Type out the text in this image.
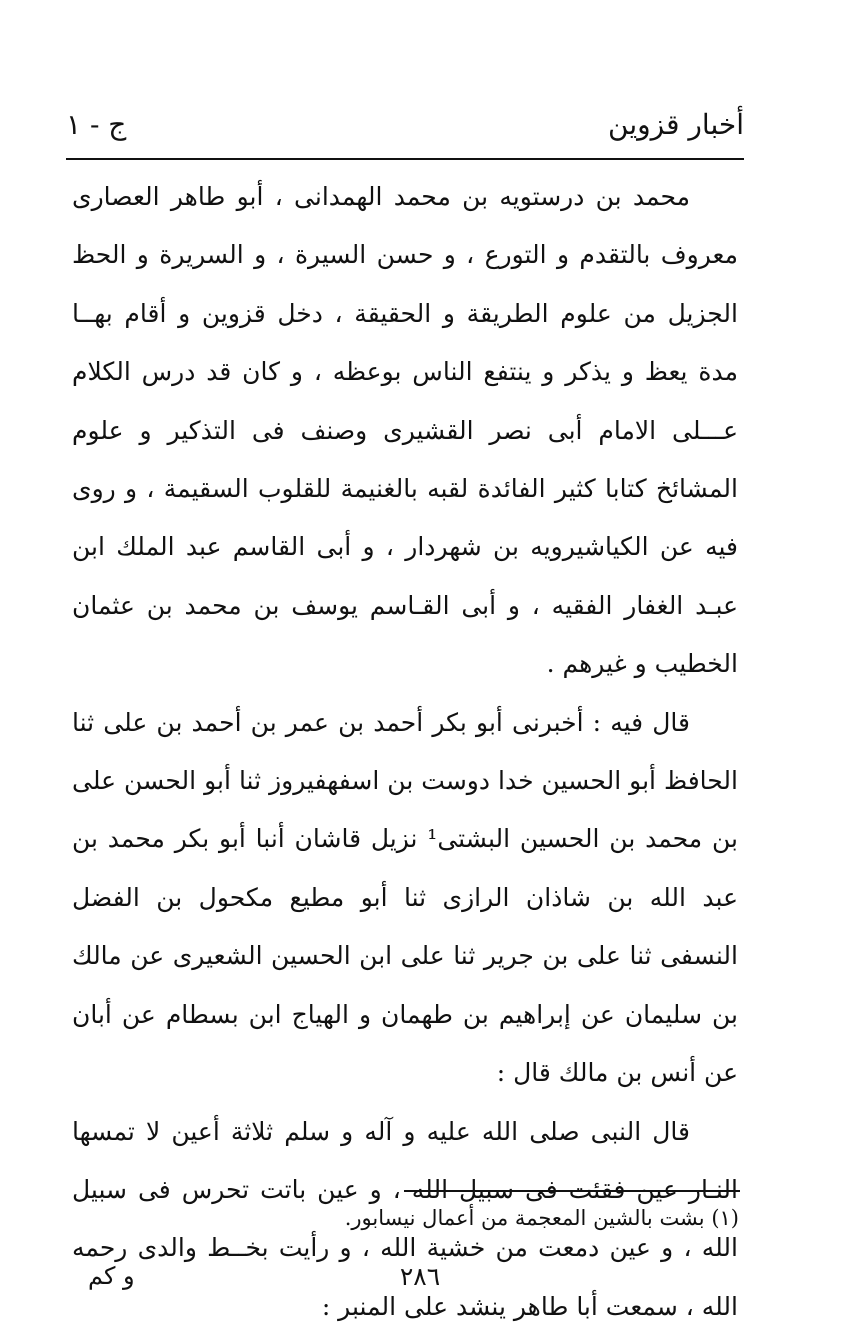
أخبار قزوين
ج - ١

محمد بن درستويه بن محمد الهمدانى ، أبو طاهر العصارى معروف بالتقدم و التورع ، و حسن السيرة ، و السريرة و الحظ الجزيل من علوم الطريقة و الحقيقة ، دخل قزوين و أقام بهــا مدة يعظ و يذكر و ينتفع الناس بوعظه ، و كان قد درس الكلام عـــلى الامام أبى نصر القشيرى وصنف فى التذكير و علوم المشائخ كتابا كثير الفائدة لقبه بالغنيمة للقلوب السقيمة ، و روى فيه عن الكياشيرويه بن شهردار ، و أبى القاسم عبد الملك ابن عبـد الغفار الفقيه ، و أبى القـاسم يوسف بن محمد بن عثمان الخطيب و غيرهم .

قال فيه : أخبرنى أبو بكر أحمد بن عمر بن أحمد بن على ثنا الحافظ أبو الحسين خدا دوست بن اسفهفيروز ثنا أبو الحسن على بن محمد بن الحسين البشتى¹ نزيل قاشان أنبا أبو بكر محمد بن عبد الله بن شاذان الرازى ثنا أبو مطيع مكحول بن الفضل النسفى ثنا على بن جرير ثنا على ابن الحسين الشعيرى عن مالك بن سليمان عن إبراهيم بن طهمان و الهياج ابن بسطام عن أبان عن أنس بن مالك قال :

قال النبى صلى الله عليه و آله و سلم ثلاثة أعين لا تمسها النـار عين فقئت فى سبيل الله ، و عين باتت تحرس فى سبيل الله ، و عين دمعت من خشية الله ، و رأيت بخــط والدى رحمه الله ، سمعت أبا طاهر ينشد على المنبر :

(١) بشت بالشين المعجمة من أعمال نيسابور.
٢٨٦
و كم
